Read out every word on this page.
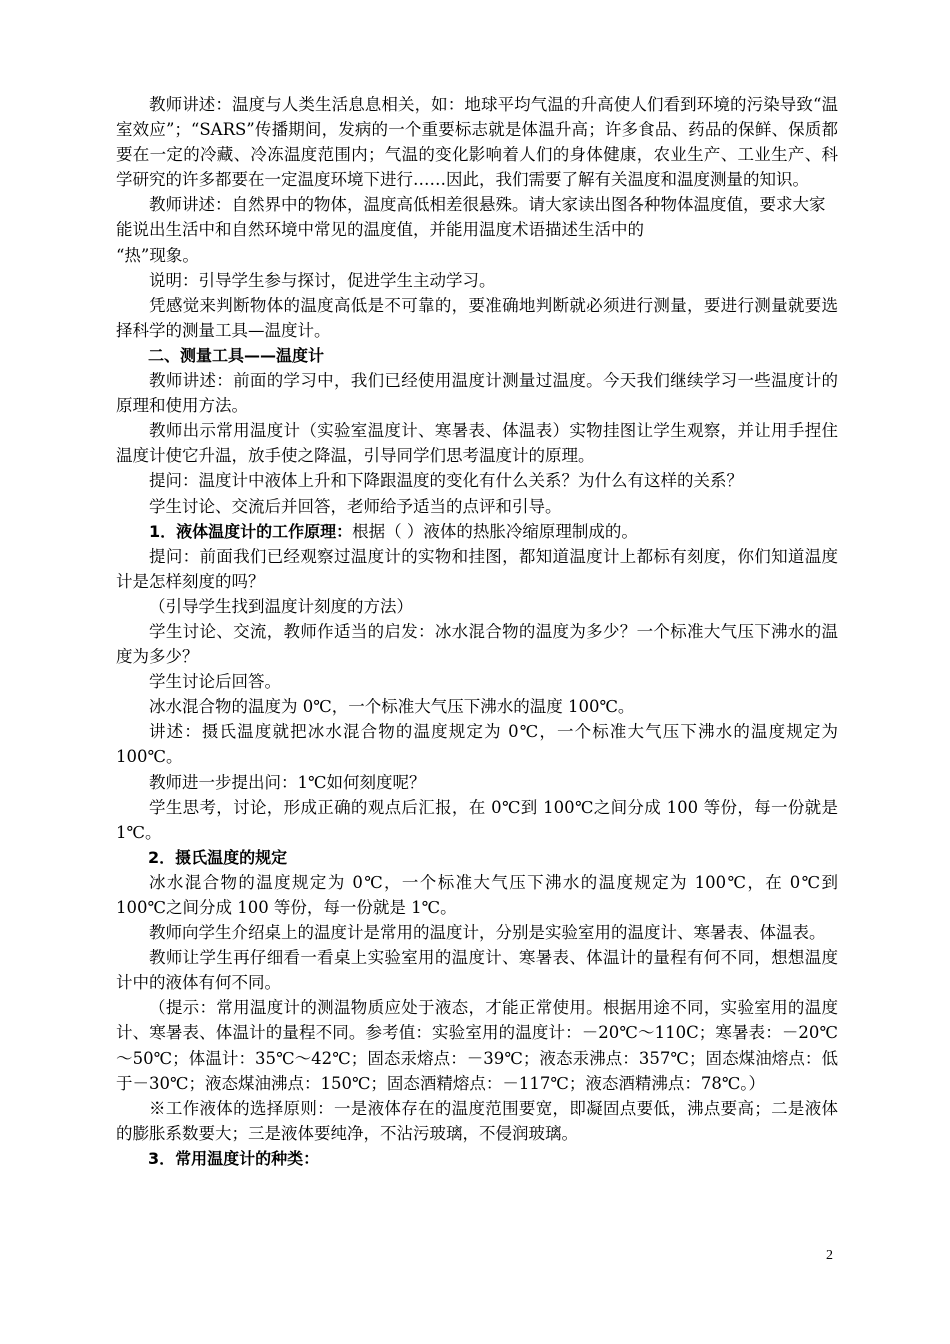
教师讲述：温度与人类生活息息相关，如：地球平均气温的升高使人们看到环境的污染导致“温室效应”；“SARS”传播期间，发病的一个重要标志就是体温升高；许多食品、药品的保鲜、保质都要在一定的冷藏、冷冻温度范围内；气温的变化影响着人们的身体健康，农业生产、工业生产、科学研究的许多都要在一定温度环境下进行……因此，我们需要了解有关温度和温度测量的知识。

教师讲述：自然界中的物体，温度高低相差很悬殊。请大家读出图各种物体温度值，要求大家能说出生活中和自然环境中常见的温度值，并能用温度术语描述生活中的

“热”现象。

说明：引导学生参与探讨，促进学生主动学习。

凭感觉来判断物体的温度高低是不可靠的，要准确地判断就必须进行测量，要进行测量就要选择科学的测量工具—温度计。

二、测量工具——温度计

教师讲述：前面的学习中，我们已经使用温度计测量过温度。今天我们继续学习一些温度计的原理和使用方法。

教师出示常用温度计（实验室温度计、寒暑表、体温表）实物挂图让学生观察，并让用手捏住温度计使它升温，放手使之降温，引导同学们思考温度计的原理。

提问：温度计中液体上升和下降跟温度的变化有什么关系？为什么有这样的关系？

学生讨论、交流后并回答，老师给予适当的点评和引导。

1．液体温度计的工作原理：根据（ ）液体的热胀冷缩原理制成的。

提问：前面我们已经观察过温度计的实物和挂图，都知道温度计上都标有刻度，你们知道温度计是怎样刻度的吗？

（引导学生找到温度计刻度的方法）

学生讨论、交流，教师作适当的启发：冰水混合物的温度为多少？一个标准大气压下沸水的温度为多少？

学生讨论后回答。

冰水混合物的温度为 0℃，一个标准大气压下沸水的温度 100℃。

讲述：摄氏温度就把冰水混合物的温度规定为 0℃，一个标准大气压下沸水的温度规定为 100℃。

教师进一步提出问：1℃如何刻度呢？

学生思考，讨论，形成正确的观点后汇报，在 0℃到 100℃之间分成 100 等份，每一份就是 1℃。

2．摄氏温度的规定

冰水混合物的温度规定为 0℃，一个标准大气压下沸水的温度规定为 100℃，在 0℃到 100℃之间分成 100 等份，每一份就是 1℃。

教师向学生介绍桌上的温度计是常用的温度计，分别是实验室用的温度计、寒暑表、体温表。

教师让学生再仔细看一看桌上实验室用的温度计、寒暑表、体温计的量程有何不同，想想温度计中的液体有何不同。

（提示：常用温度计的测温物质应处于液态，才能正常使用。根据用途不同，实验室用的温度计、寒暑表、体温计的量程不同。参考值：实验室用的温度计：－20℃～110C；寒暑表：－20℃～50℃；体温计：35℃～42℃；固态汞熔点：－39℃；液态汞沸点：357℃；固态煤油熔点：低于－30℃；液态煤油沸点：150℃；固态酒精熔点：－117℃；液态酒精沸点：78℃。）

※工作液体的选择原则：一是液体存在的温度范围要宽，即凝固点要低，沸点要高；二是液体的膨胀系数要大；三是液体要纯净，不沾污玻璃，不侵润玻璃。

3．常用温度计的种类：

2
